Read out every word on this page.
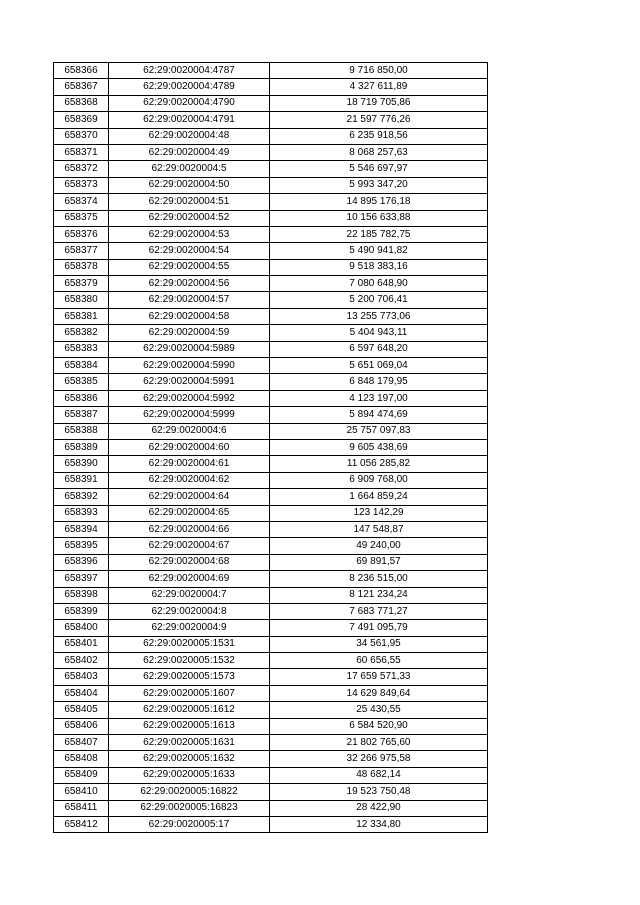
658366	62:29:0020004:4787	9 716 850,00
658367	62:29:0020004:4789	4 327 611,89
658368	62:29:0020004:4790	18 719 705,86
658369	62:29:0020004:4791	21 597 776,26
658370	62:29:0020004:48	6 235 918,56
658371	62:29:0020004:49	8 068 257,63
658372	62:29:0020004:5	5 546 697,97
658373	62:29:0020004:50	5 993 347,20
658374	62:29:0020004:51	14 895 176,18
658375	62:29:0020004:52	10 156 633,88
658376	62:29:0020004:53	22 185 782,75
658377	62:29:0020004:54	5 490 941,82
658378	62:29:0020004:55	9 518 383,16
658379	62:29:0020004:56	7 080 648,90
658380	62:29:0020004:57	5 200 706,41
658381	62:29:0020004:58	13 255 773,06
658382	62:29:0020004:59	5 404 943,11
658383	62:29:0020004:5989	6 597 648,20
658384	62:29:0020004:5990	5 651 069,04
658385	62:29:0020004:5991	6 848 179,95
658386	62:29:0020004:5992	4 123 197,00
658387	62:29:0020004:5999	5 894 474,69
658388	62:29:0020004:6	25 757 097,83
658389	62:29:0020004:60	9 605 438,69
658390	62:29:0020004:61	11 056 285,82
658391	62:29:0020004:62	6 909 768,00
658392	62:29:0020004:64	1 664 859,24
658393	62:29:0020004:65	123 142,29
658394	62:29:0020004:66	147 548,87
658395	62:29:0020004:67	49 240,00
658396	62:29:0020004:68	69 891,57
658397	62:29:0020004:69	8 236 515,00
658398	62:29:0020004:7	8 121 234,24
658399	62:29:0020004:8	7 683 771,27
658400	62:29:0020004:9	7 491 095,79
658401	62:29:0020005:1531	34 561,95
658402	62:29:0020005:1532	60 656,55
658403	62:29:0020005:1573	17 659 571,33
658404	62:29:0020005:1607	14 629 849,64
658405	62:29:0020005:1612	25 430,55
658406	62:29:0020005:1613	6 584 520,90
658407	62:29:0020005:1631	21 802 765,60
658408	62:29:0020005:1632	32 266 975,58
658409	62:29:0020005:1633	48 682,14
658410	62:29:0020005:16822	19 523 750,48
658411	62:29:0020005:16823	28 422,90
658412	62:29:0020005:17	12 334,80
